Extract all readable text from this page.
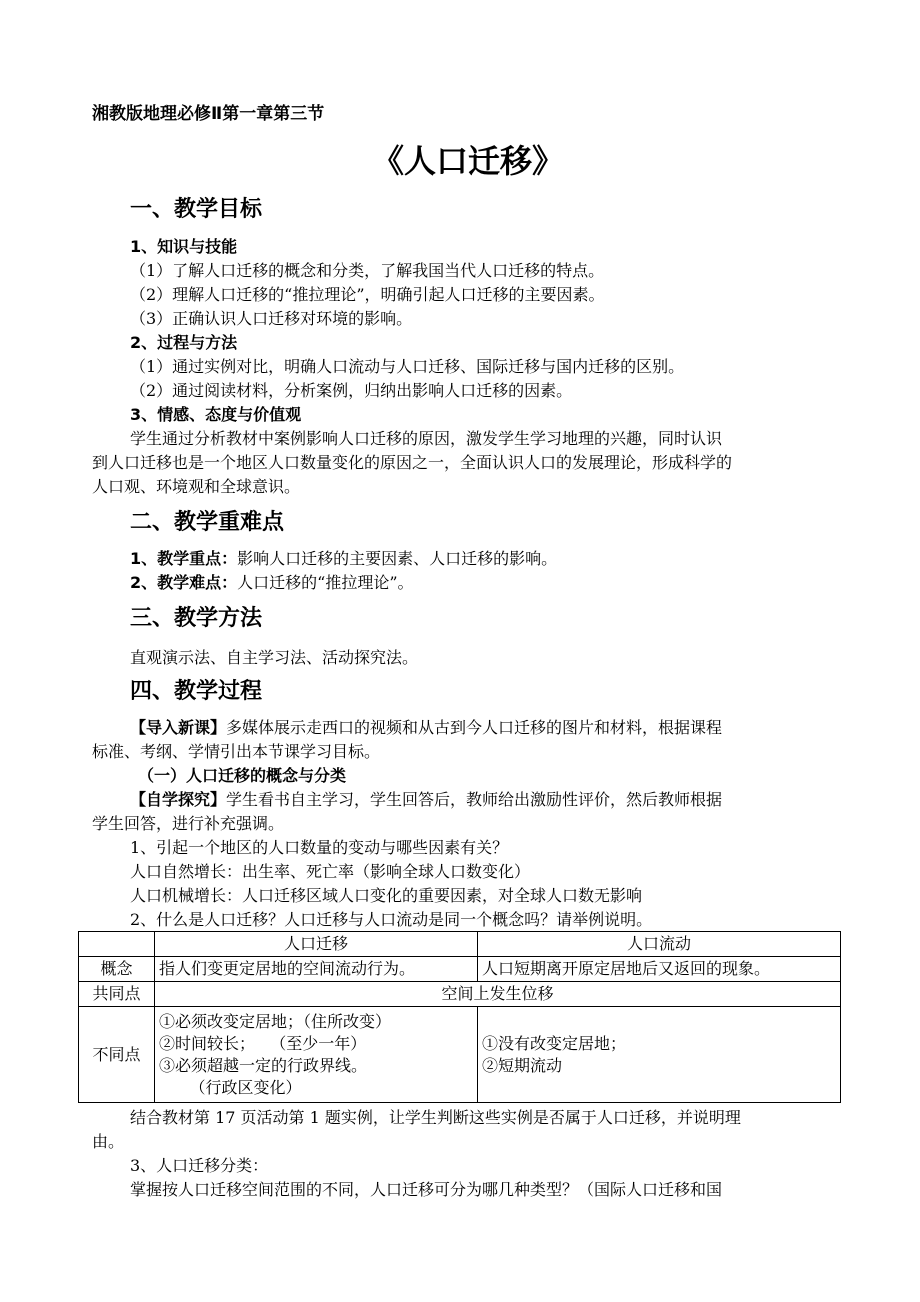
湘教版地理必修Ⅱ第一章第三节
《人口迁移》
一、教学目标
1、知识与技能
（1）了解人口迁移的概念和分类，了解我国当代人口迁移的特点。
（2）理解人口迁移的“推拉理论”，明确引起人口迁移的主要因素。
（3）正确认识人口迁移对环境的影响。
2、过程与方法
（1）通过实例对比，明确人口流动与人口迁移、国际迁移与国内迁移的区别。
（2）通过阅读材料，分析案例，归纳出影响人口迁移的因素。
3、情感、态度与价值观
学生通过分析教材中案例影响人口迁移的原因，激发学生学习地理的兴趣，同时认识
到人口迁移也是一个地区人口数量变化的原因之一，全面认识人口的发展理论，形成科学的
人口观、环境观和全球意识。
二、教学重难点
1、教学重点：影响人口迁移的主要因素、人口迁移的影响。
2、教学难点：人口迁移的“推拉理论”。
三、教学方法
直观演示法、自主学习法、活动探究法。
四、教学过程
【导入新课】多媒体展示走西口的视频和从古到今人口迁移的图片和材料，根据课程
标准、考纲、学情引出本节课学习目标。
（一）人口迁移的概念与分类
【自学探究】学生看书自主学习，学生回答后，教师给出激励性评价，然后教师根据
学生回答，进行补充强调。
1、引起一个地区的人口数量的变动与哪些因素有关？
人口自然增长：出生率、死亡率（影响全球人口数变化）
人口机械增长：人口迁移区域人口变化的重要因素，对全球人口数无影响
2、什么是人口迁移？人口迁移与人口流动是同一个概念吗？请举例说明。
	人口迁移	人口流动
概念	指人们变更定居地的空间流动行为。	人口短期离开原定居地后又返回的现象。
共同点	空间上发生位移	
不同点	①必须改变定居地；（住所改变）
②时间较长；   （至少一年）
③必须超越一定的行政界线。
（行政区变化）	①没有改变定居地；
②短期流动
结合教材第 17 页活动第 1 题实例，让学生判断这些实例是否属于人口迁移，并说明理
由。
3、人口迁移分类：
掌握按人口迁移空间范围的不同，人口迁移可分为哪几种类型？（国际人口迁移和国
